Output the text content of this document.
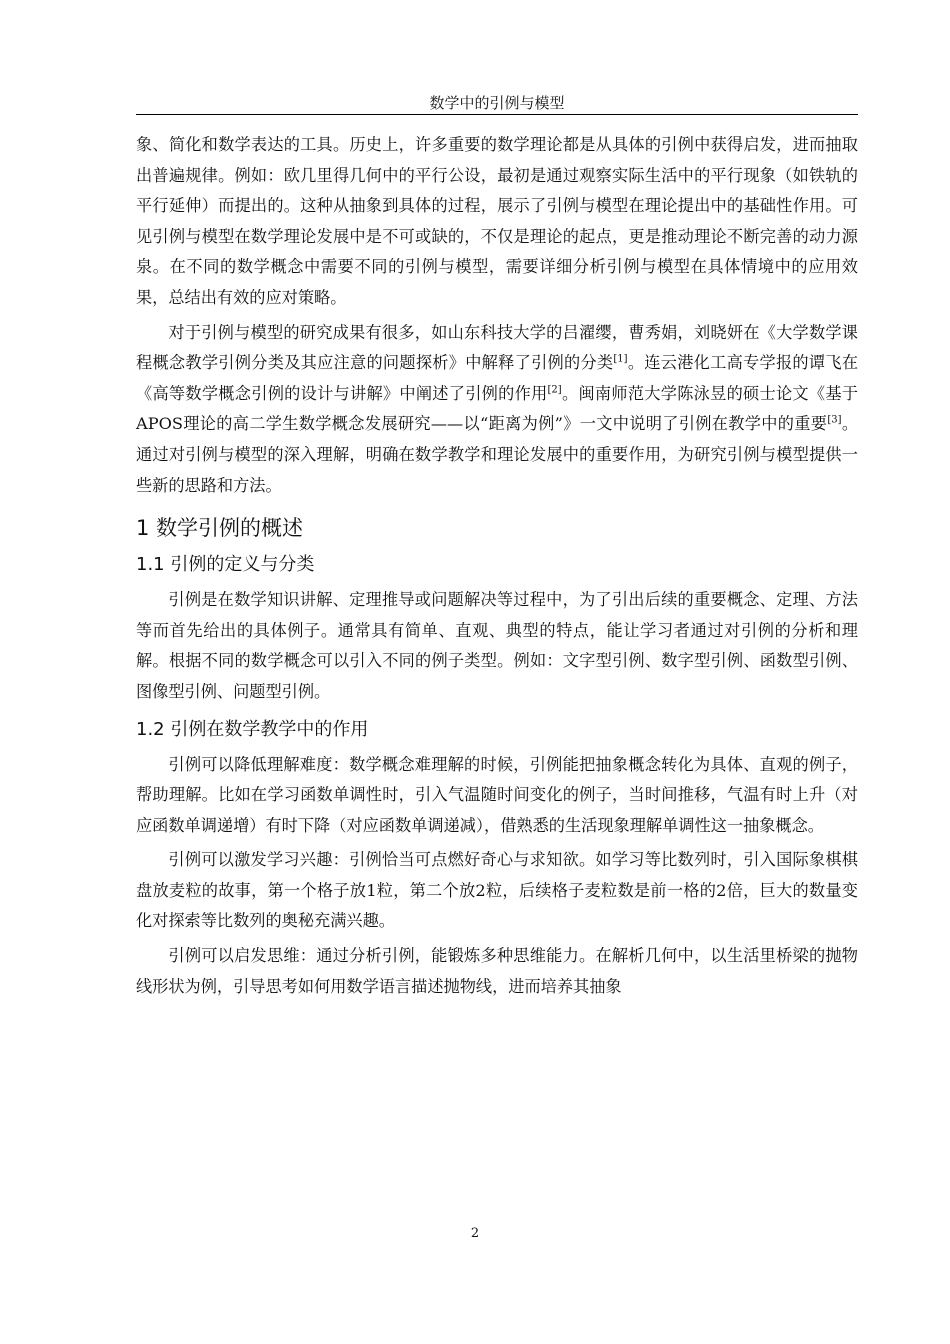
数学中的引例与模型

象、简化和数学表达的工具。历史上，许多重要的数学理论都是从具体的引例中获得启发，进而抽取出普遍规律。例如：欧几里得几何中的平行公设，最初是通过观察实际生活中的平行现象（如铁轨的平行延伸）而提出的。这种从抽象到具体的过程，展示了引例与模型在理论提出中的基础性作用。可见引例与模型在数学理论发展中是不可或缺的，不仅是理论的起点，更是推动理论不断完善的动力源泉。在不同的数学概念中需要不同的引例与模型，需要详细分析引例与模型在具体情境中的应用效果，总结出有效的应对策略。

对于引例与模型的研究成果有很多，如山东科技大学的吕濯缨，曹秀娟，刘晓妍在《大学数学课程概念教学引例分类及其应注意的问题探析》中解释了引例的分类[1]。连云港化工高专学报的谭飞在《高等数学概念引例的设计与讲解》中阐述了引例的作用[2]。闽南师范大学陈泳昱的硕士论文《基于APOS理论的高二学生数学概念发展研究——以“距离为例”》一文中说明了引例在教学中的重要[3]。通过对引例与模型的深入理解，明确在数学教学和理论发展中的重要作用，为研究引例与模型提供一些新的思路和方法。

1 数学引例的概述
1.1 引例的定义与分类

引例是在数学知识讲解、定理推导或问题解决等过程中，为了引出后续的重要概念、定理、方法等而首先给出的具体例子。通常具有简单、直观、典型的特点，能让学习者通过对引例的分析和理解。根据不同的数学概念可以引入不同的例子类型。例如：文字型引例、数字型引例、函数型引例、图像型引例、问题型引例。

1.2 引例在数学教学中的作用

引例可以降低理解难度：数学概念难理解的时候，引例能把抽象概念转化为具体、直观的例子，帮助理解。比如在学习函数单调性时，引入气温随时间变化的例子，当时间推移，气温有时上升（对应函数单调递增）有时下降（对应函数单调递减），借熟悉的生活现象理解单调性这一抽象概念。

引例可以激发学习兴趣：引例恰当可点燃好奇心与求知欲。如学习等比数列时，引入国际象棋棋盘放麦粒的故事，第一个格子放1粒，第二个放2粒，后续格子麦粒数是前一格的2倍，巨大的数量变化对探索等比数列的奥秘充满兴趣。

引例可以启发思维：通过分析引例，能锻炼多种思维能力。在解析几何中，以生活里桥梁的抛物线形状为例，引导思考如何用数学语言描述抛物线，进而培养其抽象

2
